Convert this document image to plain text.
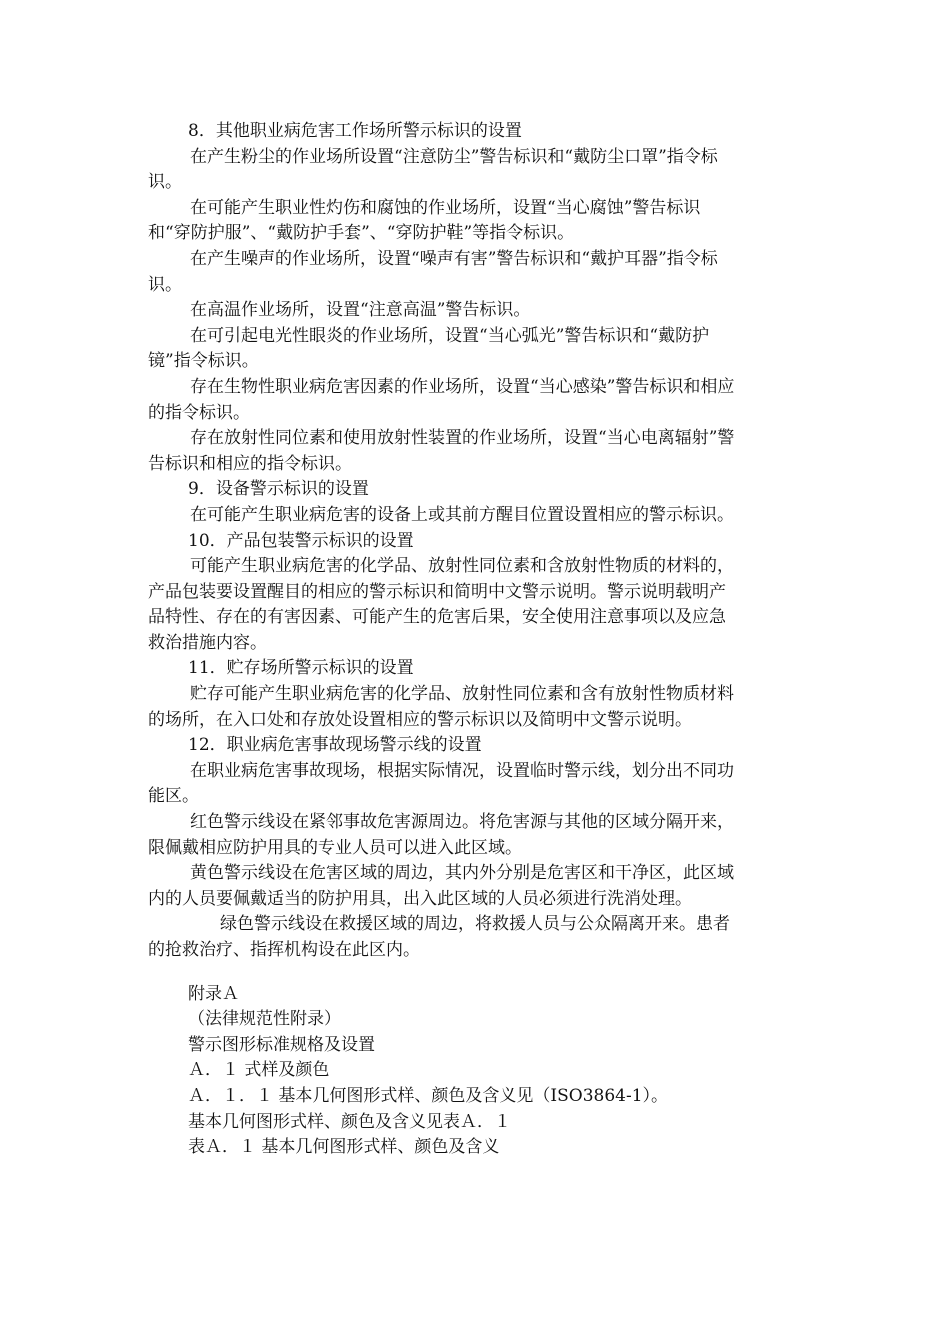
8．其他职业病危害工作场所警示标识的设置
在产生粉尘的作业场所设置“注意防尘”警告标识和“戴防尘口罩”指令标
识。
在可能产生职业性灼伤和腐蚀的作业场所，设置“当心腐蚀”警告标识
和“穿防护服”、“戴防护手套”、“穿防护鞋”等指令标识。
在产生噪声的作业场所，设置“噪声有害”警告标识和“戴护耳器”指令标
识。
在高温作业场所，设置“注意高温”警告标识。
在可引起电光性眼炎的作业场所，设置“当心弧光”警告标识和“戴防护
镜”指令标识。
存在生物性职业病危害因素的作业场所，设置“当心感染”警告标识和相应
的指令标识。
存在放射性同位素和使用放射性装置的作业场所，设置“当心电离辐射”警
告标识和相应的指令标识。
9．设备警示标识的设置
在可能产生职业病危害的设备上或其前方醒目位置设置相应的警示标识。
10．产品包装警示标识的设置
可能产生职业病危害的化学品、放射性同位素和含放射性物质的材料的，
产品包装要设置醒目的相应的警示标识和简明中文警示说明。警示说明载明产
品特性、存在的有害因素、可能产生的危害后果，安全使用注意事项以及应急
救治措施内容。
11．贮存场所警示标识的设置
贮存可能产生职业病危害的化学品、放射性同位素和含有放射性物质材料
的场所，在入口处和存放处设置相应的警示标识以及简明中文警示说明。
12．职业病危害事故现场警示线的设置
在职业病危害事故现场，根据实际情况，设置临时警示线，划分出不同功
能区。
红色警示线设在紧邻事故危害源周边。将危害源与其他的区域分隔开来，
限佩戴相应防护用具的专业人员可以进入此区域。
黄色警示线设在危害区域的周边，其内外分别是危害区和干净区，此区域
内的人员要佩戴适当的防护用具，出入此区域的人员必须进行洗消处理。
绿色警示线设在救援区域的周边，将救援人员与公众隔离开来。患者
的抢救治疗、指挥机构设在此区内。
附录Ａ
（法律规范性附录）
警示图形标准规格及设置
Ａ．１ 式样及颜色
Ａ．１．１ 基本几何图形式样、颜色及含义见（ISO3864-1）。
基本几何图形式样、颜色及含义见表Ａ．１
表Ａ．１ 基本几何图形式样、颜色及含义
